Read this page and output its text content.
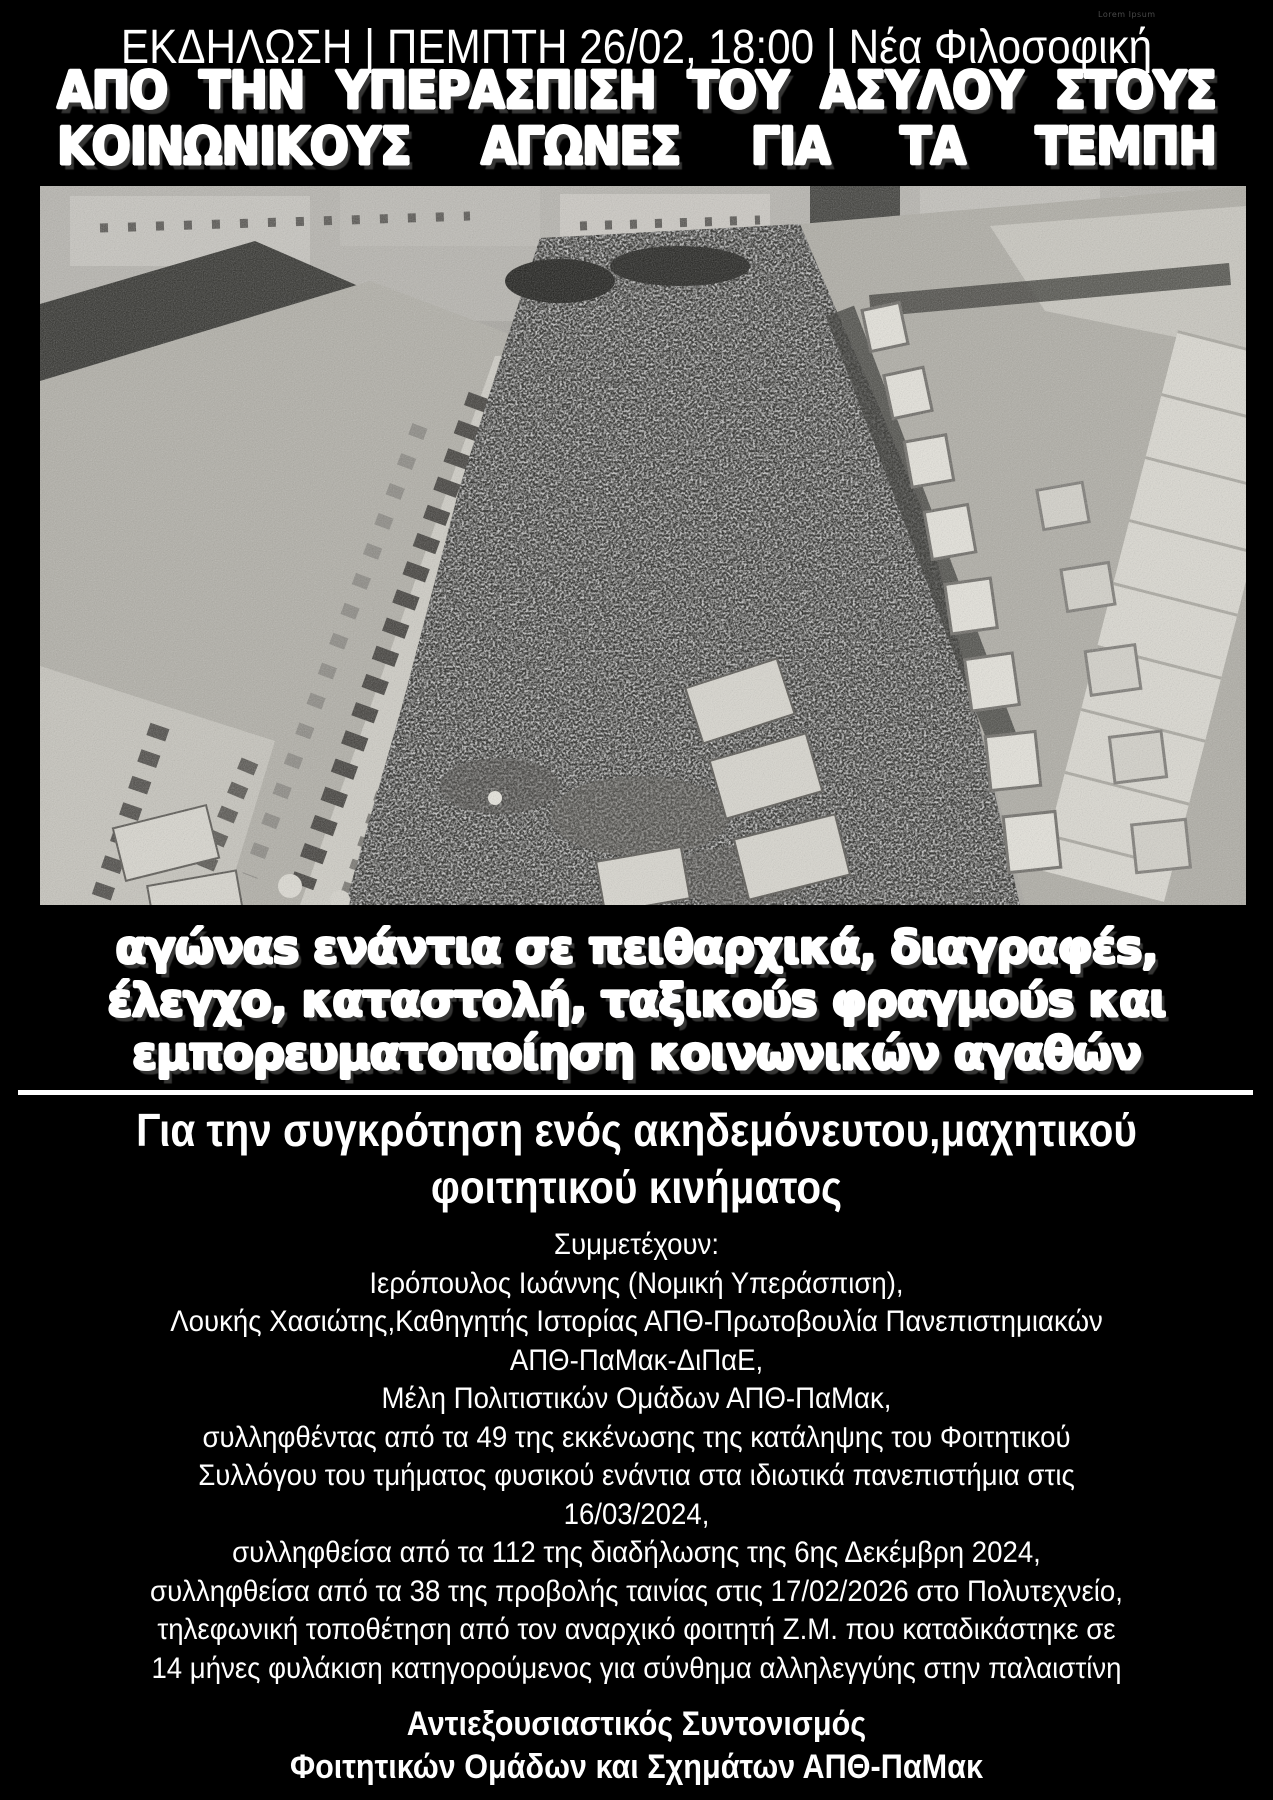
Lorem Ipsum
ΕΚΔΗΛΩΣΗ | ΠΕΜΠΤΗ 26/02, 18:00 | Νέα Φιλοσοφική
ΑΠΟ ΤΗΝ ΥΠΕΡΑΣΠΙΣΗ ΤΟΥ ΑΣΥΛΟΥ ΣΤΟΥΣ
ΚΟΙΝΩΝΙΚΟΥΣ ΑΓΩΝΕΣ ΓΙΑ ΤΑ ΤΕΜΠΗ
αγώναs ενάντια σε πειθαρχικά, διαγραφέs,
έλεγχο, καταστολή, ταξικούs φραγμούs και
εμπορευματοποίηση κοινωνικών αγαθών
Για την συγκρότηση ενός ακηδεμόνευτου,μαχητικού
φοιτητικού κινήματος
Συμμετέχουν:
Ιερόπουλος Ιωάννης (Νομική Υπεράσπιση),
Λουκής Χασιώτης,Καθηγητής Ιστορίας ΑΠΘ-Πρωτοβουλία Πανεπιστημιακών
ΑΠΘ-ΠαΜακ-ΔιΠαΕ,
Μέλη Πολιτιστικών Ομάδων ΑΠΘ-ΠαΜακ,
συλληφθέντας από τα 49 της εκκένωσης της κατάληψης του Φοιτητικού
Συλλόγου του τμήματος φυσικού ενάντια στα ιδιωτικά πανεπιστήμια στις
16/03/2024,
συλληφθείσα από τα 112 της διαδήλωσης της 6ης Δεκέμβρη 2024,
συλληφθείσα από τα 38 της προβολής ταινίας στις 17/02/2026 στο Πολυτεχνείο,
τηλεφωνική τοποθέτηση από τον αναρχικό φοιτητή Ζ.Μ. που καταδικάστηκε σε
14 μήνες φυλάκιση κατηγορούμενος για σύνθημα αλληλεγγύης στην παλαιστίνη
Αντιεξουσιαστικός Συντονισμός
Φοιτητικών Ομάδων και Σχημάτων ΑΠΘ-ΠαΜακ
